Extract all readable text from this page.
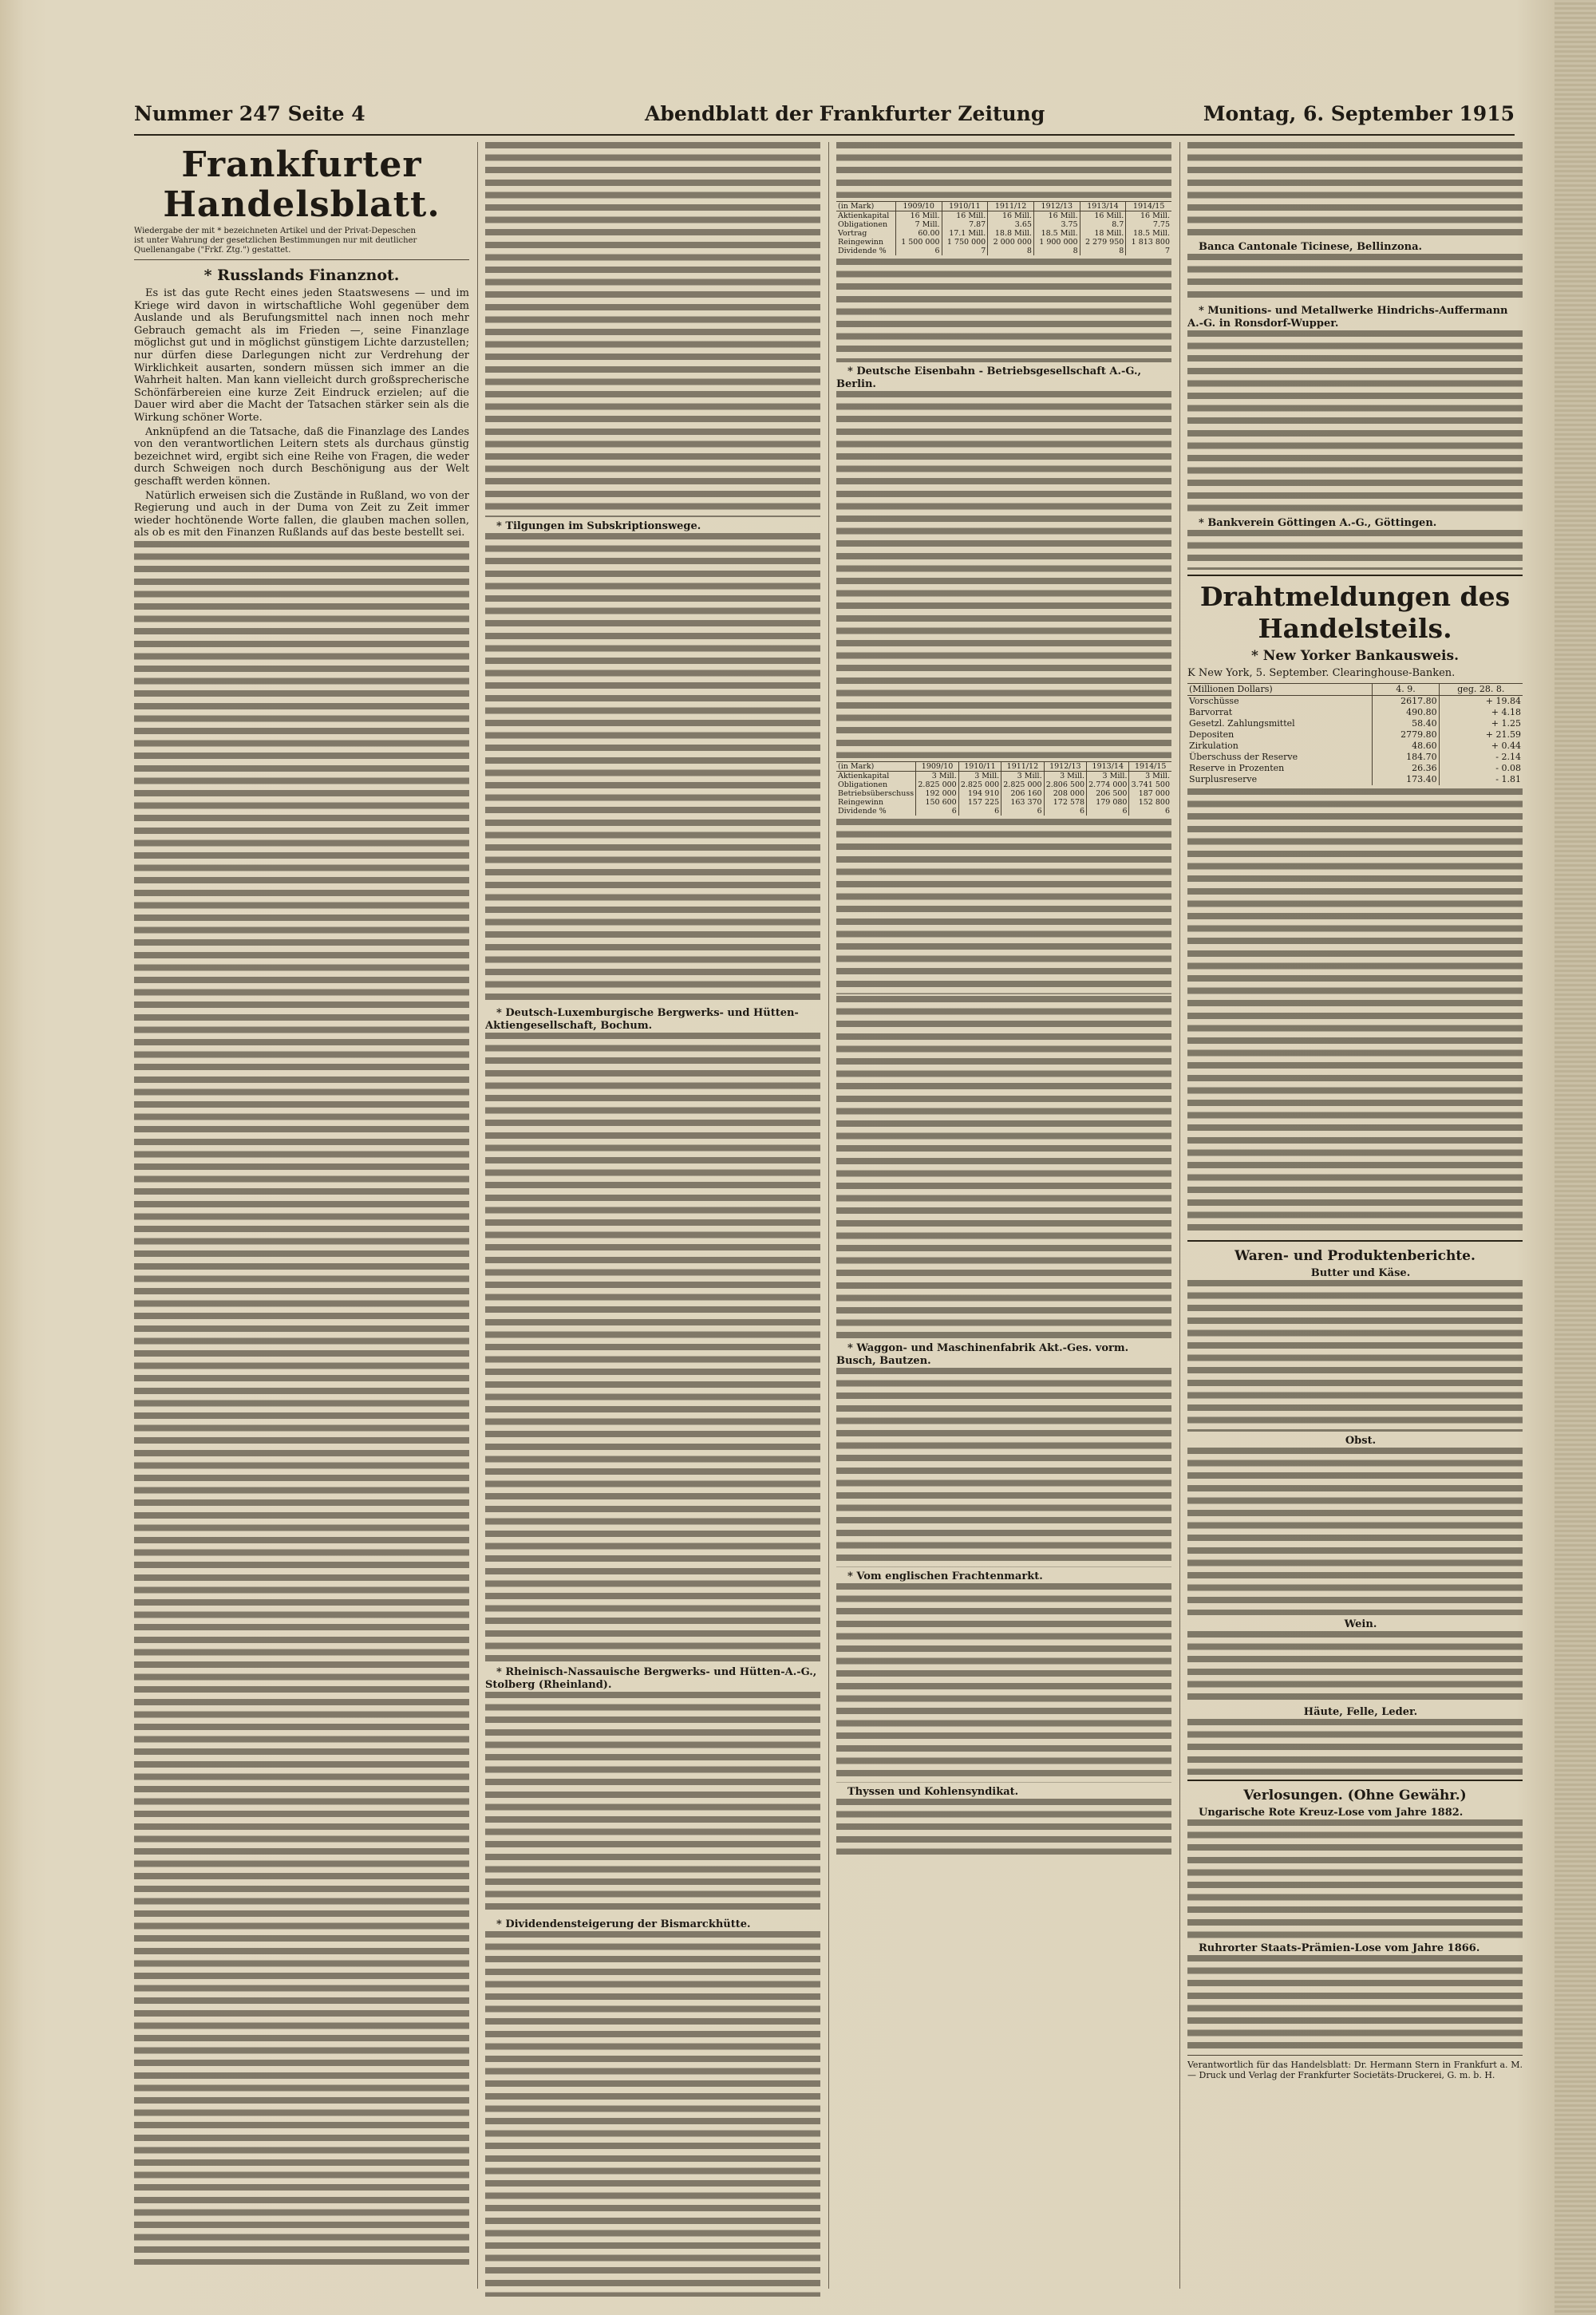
Nummer 247 Seite 4	Abendblatt der Frankfurter Zeitung	Montag, 6. September 1915
Frankfurter Handelsblatt.
Wiedergabe der mit * bezeichneten Artikel und der Privat-Depeschen
ist unter Wahrung der gesetzlichen Bestimmungen nur mit deutlicher
Quellenangabe ("Frkf. Ztg.") gestattet.
* Russlands Finanznot.

Es ist das gute Recht eines jeden Staatswesens — und im Kriege wird davon in wirtschaftliche Wohl gegenüber dem Auslande und als Berufungsmittel nach innen noch mehr Gebrauch gemacht als im Frieden —, seine Finanzlage möglichst gut und in möglichst günstigem Lichte darzustellen; nur dürfen diese Darlegungen nicht zur Verdrehung der Wirklichkeit ausarten, sondern müssen sich immer an die Wahrheit halten. Man kann vielleicht durch großsprecherische Schönfärbereien eine kurze Zeit Eindruck erzielen; auf die Dauer wird aber die Macht der Tatsachen stärker sein als die Wirkung schöner Worte.

Anknüpfend an die Tatsache, daß die Finanzlage des Landes von den verantwortlichen Leitern stets als durchaus günstig bezeichnet wird, ergibt sich eine Reihe von Fragen, die weder durch Schweigen noch durch Beschönigung aus der Welt geschafft werden können.

Natürlich erweisen sich die Zustände in Rußland, wo von der Regierung und auch in der Duma von Zeit zu Zeit immer wieder hochtönende Worte fallen, die glauben machen sollen, als ob es mit den Finanzen Rußlands auf das beste bestellt sei.

* Tilgungen im Subskriptionswege.
* Deutsch-Luxemburgische Bergwerks- und Hütten-Aktiengesellschaft, Bochum.
* Rheinisch-Nassauische Bergwerks- und Hütten-A.-G., Stolberg (Rheinland).
* Dividendensteigerung der Bismarckhütte.
(in Mark)	1909/10	1910/11	1911/12	1912/13	1913/14	1914/15
Aktienkapital	16 Mill.	16 Mill.	16 Mill.	16 Mill.	16 Mill.	16 Mill.
Obligationen	7 Mill.	7.87	3.65	3.75	8.7	7.75
Vortrag	60.00	17.1 Mill.	18.8 Mill.	18.5 Mill.	18 Mill.	18.5 Mill.
Reingewinn	1 500 000	1 750 000	2 000 000	1 900 000	2 279 950	1 813 800
Dividende %	6	7	8	8	8	7
* Deutsche Eisenbahn - Betriebsgesellschaft A.-G., Berlin.
(in Mark)	1909/10	1910/11	1911/12	1912/13	1913/14	1914/15
Aktienkapital	3 Mill.	3 Mill.	3 Mill.	3 Mill.	3 Mill.	3 Mill.
Obligationen	2.825 000	2.825 000	2.825 000	2.806 500	2.774 000	3.741 500
Betriebsüberschuss	192 000	194 910	206 160	208 000	206 500	187 000
Reingewinn	150 600	157 225	163 370	172 578	179 080	152 800
Dividende %	6	6	6	6	6	6
* Waggon- und Maschinenfabrik Akt.-Ges. vorm. Busch, Bautzen.
* Vom englischen Frachtenmarkt.
Thyssen und Kohlensyndikat.
Banca Cantonale Ticinese, Bellinzona.
* Munitions- und Metallwerke Hindrichs-Auffermann A.-G. in Ronsdorf-Wupper.
* Bankverein Göttingen A.-G., Göttingen.
Drahtmeldungen des Handelsteils.
* New Yorker Bankausweis.
K New York, 5. September. Clearinghouse-Banken.
(Millionen Dollars)	4. 9.	geg. 28. 8.
Vorschüsse	2617.80	+ 19.84
Barvorrat	490.80	+ 4.18
Gesetzl. Zahlungsmittel	58.40	+ 1.25
Depositen	2779.80	+ 21.59
Zirkulation	48.60	+ 0.44
Überschuss der Reserve	184.70	- 2.14
Reserve in Prozenten	26.36	- 0.08
Surplusreserve	173.40	- 1.81
Waren- und Produktenberichte.
Butter und Käse.
Obst.
Wein.
Häute, Felle, Leder.
Verlosungen. (Ohne Gewähr.)
Ungarische Rote Kreuz-Lose vom Jahre 1882.
Ruhrorter Staats-Prämien-Lose vom Jahre 1866.
Verantwortlich für das Handelsblatt: Dr. Hermann Stern in Frankfurt a. M. — Druck und Verlag der Frankfurter Societäts-Druckerei, G. m. b. H.
